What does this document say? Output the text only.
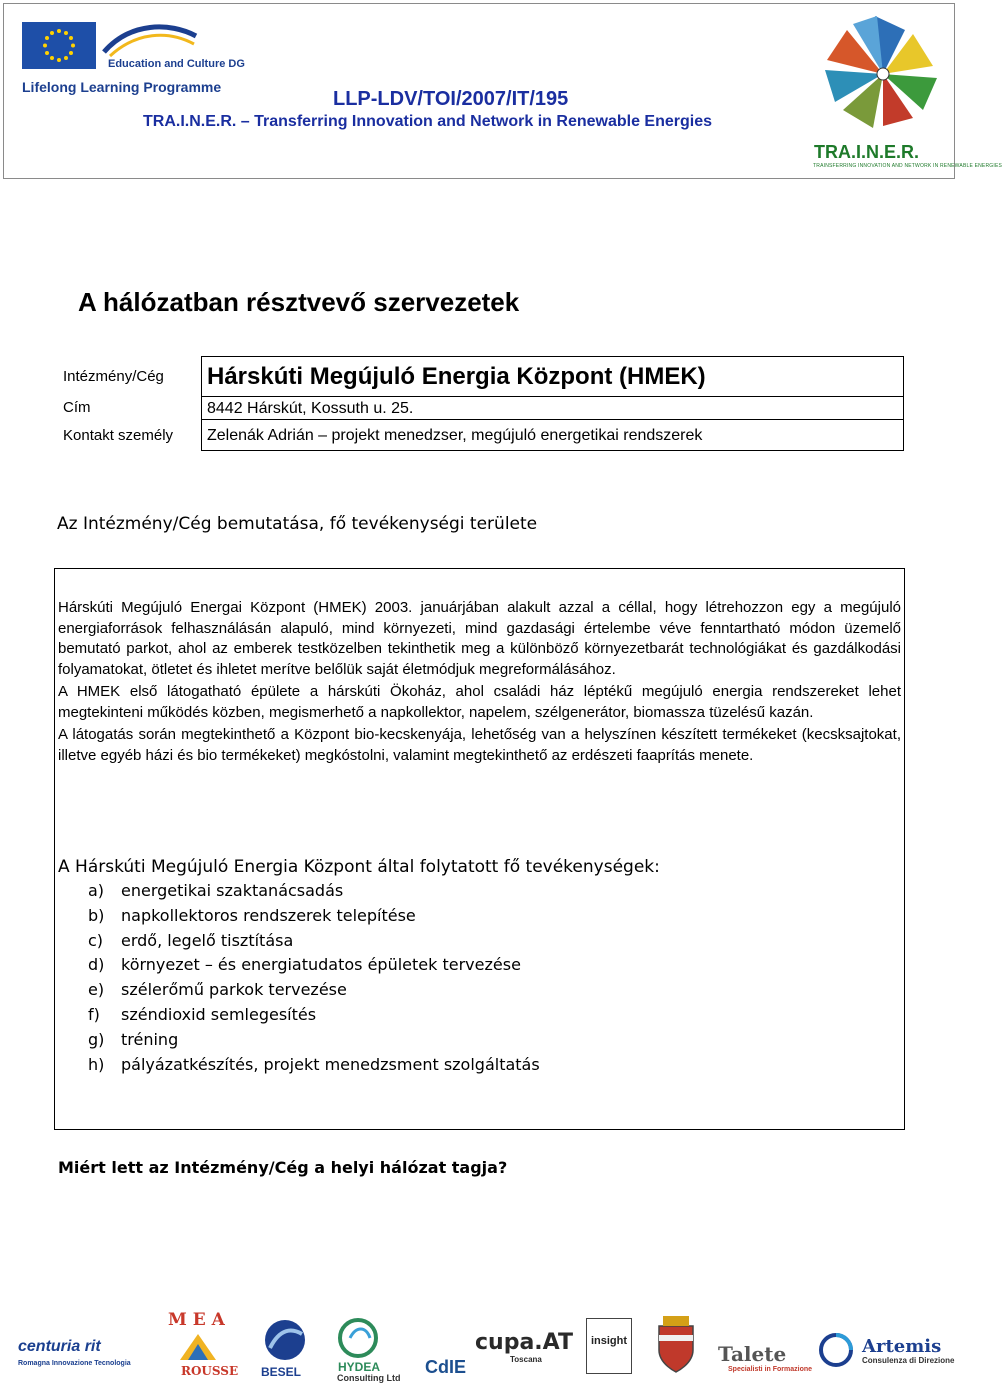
Education and Culture DG
Lifelong Learning Programme
LLP-LDV/TOI/2007/IT/195
TRA.I.N.E.R. – Transferring Innovation and Network in Renewable Energies
TRA.I.N.E.R.
TRAINSFERRING INNOVATION AND NETWORK IN RENEWABLE ENERGIES
A hálózatban résztvevő szervezetek
Intézmény/Cég	Hárskúti Megújuló Energia Központ (HMEK)
Cím	8442 Hárskút, Kossuth u. 25.
Kontakt személy	Zelenák Adrián – projekt menedzser, megújuló energetikai rendszerek
Az Intézmény/Cég bemutatása, fő tevékenységi területe

Hárskúti Megújuló Energai Központ (HMEK) 2003. januárjában alakult azzal a céllal, hogy létrehozzon egy a megújuló energiaforrások felhasználásán alapuló, mind környezeti, mind gazdasági értelembe véve fenntartható módon üzemelő bemutató parkot, ahol az emberek testközelben tekinthetik meg a különböző környezetbarát technológiákat és gazdálkodási folyamatokat, ötletet és ihletet merítve belőlük saját életmódjuk megreformálásához.

A HMEK első látogatható épülete a hárskúti Ökoház, ahol családi ház léptékű megújuló energia rendszereket lehet megtekinteni működés közben, megismerhető a napkollektor, napelem, szélgenerátor, biomassza tüzelésű kazán.

A látogatás során megtekinthető a Központ bio-kecskenyája, lehetőség van a helyszínen készített termékeket (kecsksajtokat, illetve egyéb házi és bio termékeket) megkóstolni, valamint megtekinthető az erdészeti faaprítás menete.

A Hárskúti Megújuló Energia Központ által folytatott fő tevékenységek:
a)	energetikai szaktanácsadás
b)	napkollektoros rendszerek telepítése
c)	erdő, legelő tisztítása
d)	környezet – és energiatudatos épületek tervezése
e)	szélerőmű parkok tervezése
f)	széndioxid semlegesítés
g)	tréning
h)	pályázatkészítés, projekt menedzsment szolgáltatás
Miért lett az Intézmény/Cég a helyi hálózat tagja?
centuria rit
Romagna Innovazione Tecnologia
M E A
ROUSSE BESEL	HYDEA
Consulting Ltd
cupa.AT
Toscana
CdIE
insight
Talete
Specialisti in Formazione
Artemis
Consulenza di Direzione
